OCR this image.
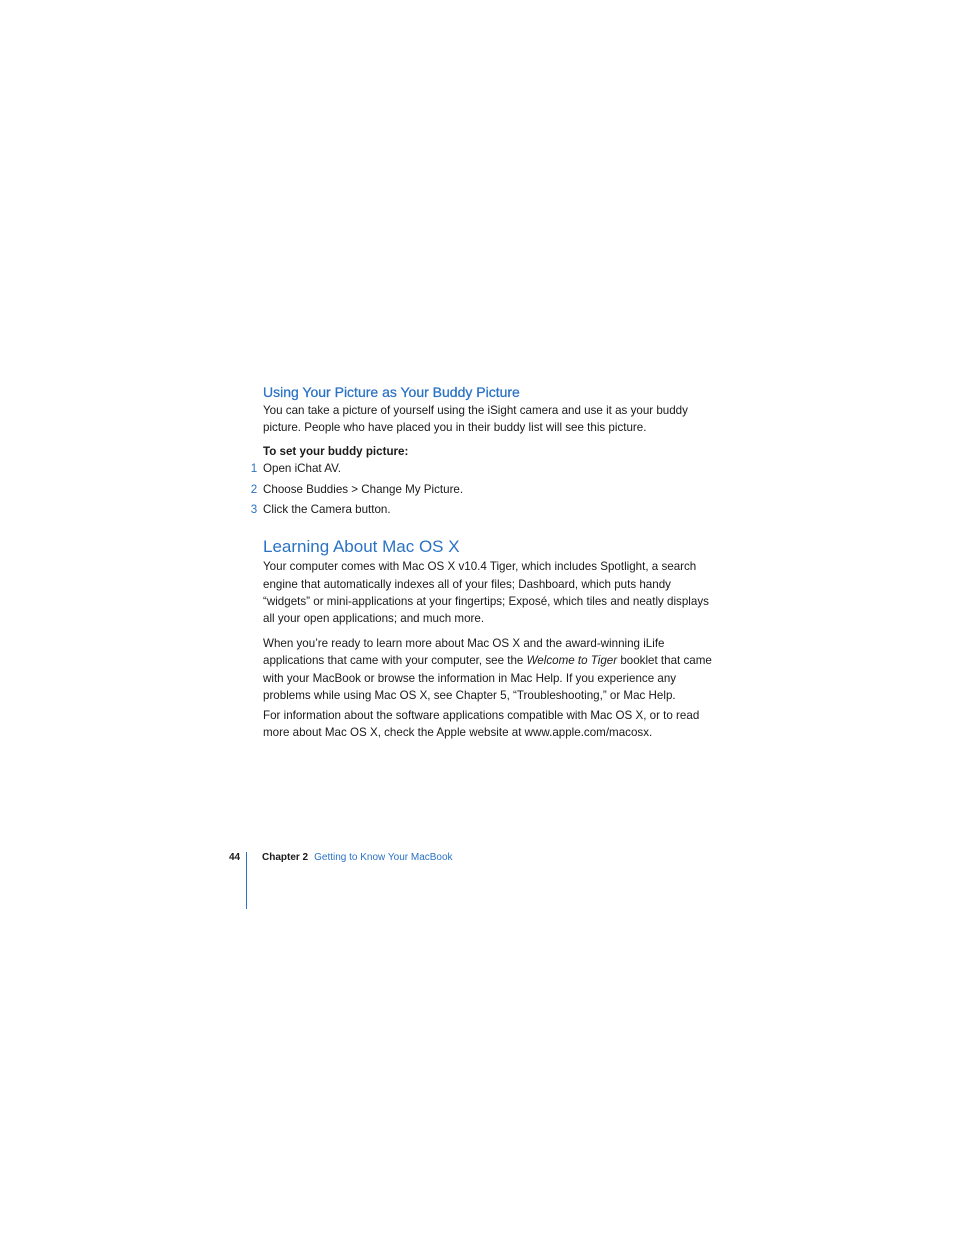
Using Your Picture as Your Buddy Picture

You can take a picture of yourself using the iSight camera and use it as your buddy picture. People who have placed you in their buddy list will see this picture.

To set your buddy picture:

1 Open iChat AV.
2 Choose Buddies > Change My Picture.
3 Click the Camera button.
Learning About Mac OS X

Your computer comes with Mac OS X v10.4 Tiger, which includes Spotlight, a search engine that automatically indexes all of your files; Dashboard, which puts handy “widgets” or mini-applications at your fingertips; Exposé, which tiles and neatly displays all your open applications; and much more.

When you’re ready to learn more about Mac OS X and the award-winning iLife applications that came with your computer, see the Welcome to Tiger booklet that came with your MacBook or browse the information in Mac Help. If you experience any problems while using Mac OS X, see Chapter 5, “Troubleshooting,” or Mac Help.

For information about the software applications compatible with Mac OS X, or to read more about Mac OS X, check the Apple website at www.apple.com/macosx.

44 Chapter 2 Getting to Know Your MacBook
